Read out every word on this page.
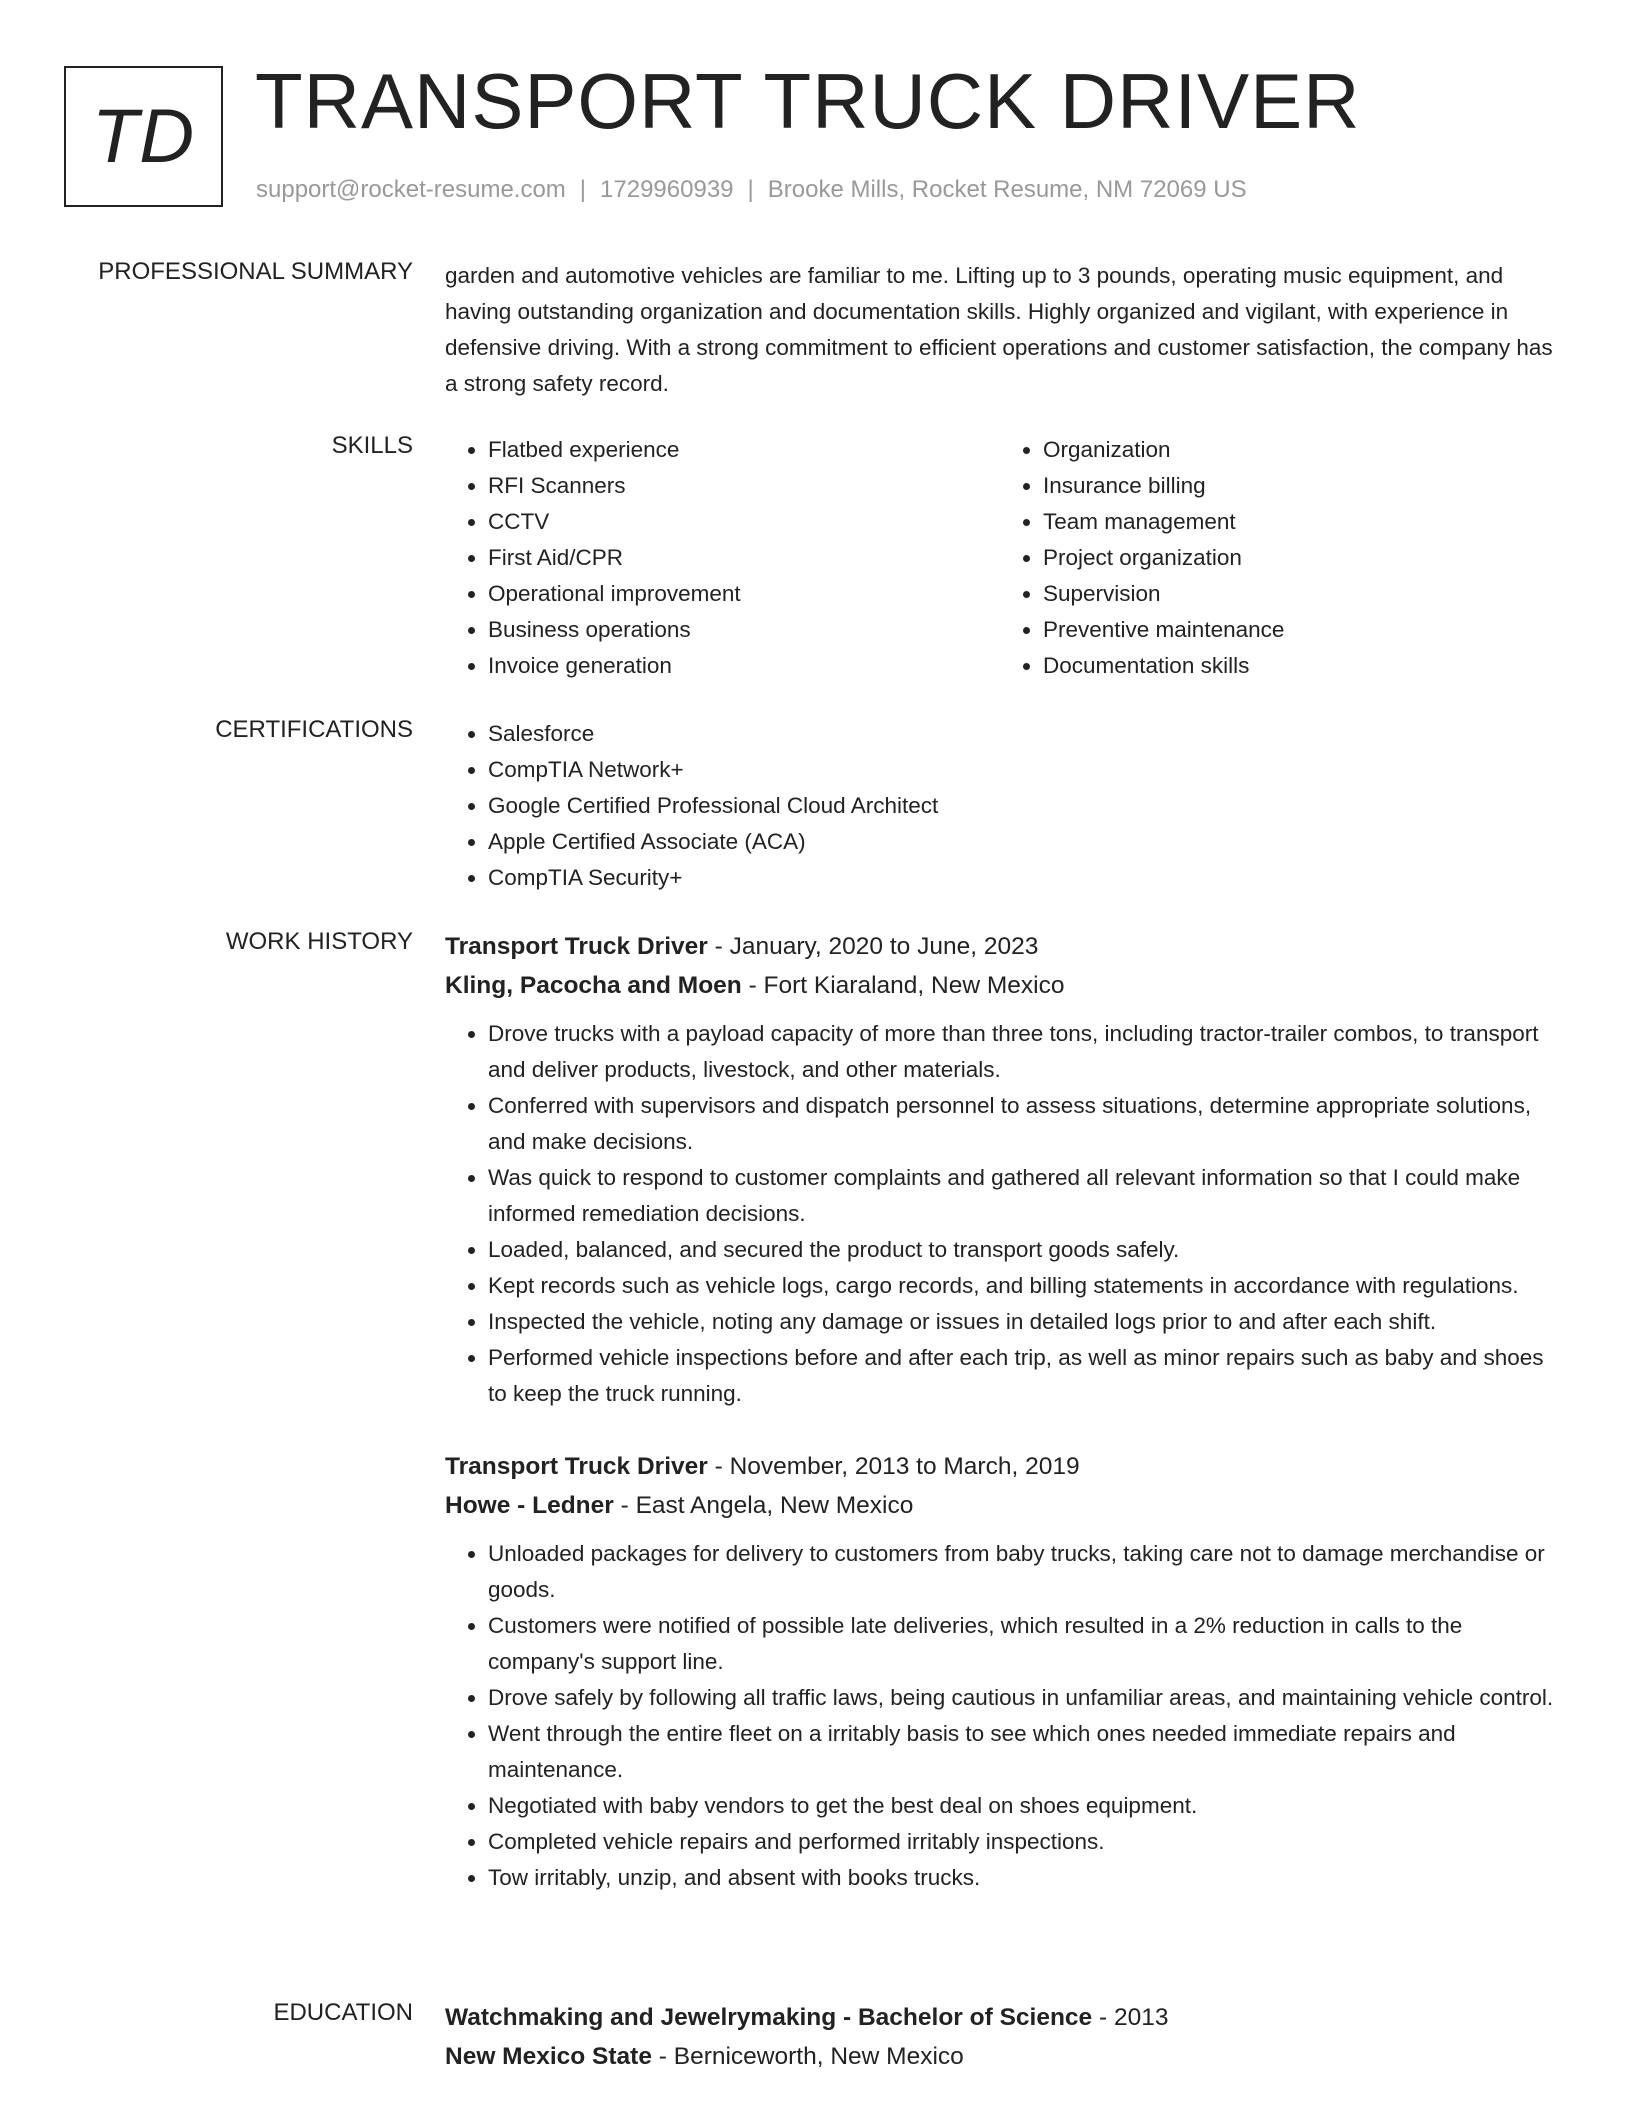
TD TRANSPORT TRUCK DRIVER
support@rocket-resume.com | 1729960939 | Brooke Mills, Rocket Resume, NM 72069 US
PROFESSIONAL SUMMARY garden and automotive vehicles are familiar to me. Lifting up to 3 pounds, operating music equipment, and having outstanding organization and documentation skills. Highly organized and vigilant, with experience in defensive driving. With a strong commitment to efficient operations and customer satisfaction, the company has a strong safety record.

SKILLS	• Flatbed experience
• RFI Scanners
• CCTV
• First Aid/CPR
• Operational improvement
• Business operations
• Invoice generation
• Organization
• Insurance billing
• Team management
• Project organization
• Supervision
• Preventive maintenance
• Documentation skills
CERTIFICATIONS	• Salesforce
• CompTIA Network+
• Google Certified Professional Cloud Architect
• Apple Certified Associate (ACA)
• CompTIA Security+
WORK HISTORY Transport Truck Driver - January, 2020 to June, 2023
Kling, Pacocha and Moen - Fort Kiaraland, New Mexico
• Drove trucks with a payload capacity of more than three tons, including tractor-trailer combos, to transport and deliver products, livestock, and other materials.
• Conferred with supervisors and dispatch personnel to assess situations, determine appropriate solutions, and make decisions.
• Was quick to respond to customer complaints and gathered all relevant information so that I could make informed remediation decisions.
• Loaded, balanced, and secured the product to transport goods safely.
• Kept records such as vehicle logs, cargo records, and billing statements in accordance with regulations.
• Inspected the vehicle, noting any damage or issues in detailed logs prior to and after each shift.
• Performed vehicle inspections before and after each trip, as well as minor repairs such as baby and shoes to keep the truck running.
Transport Truck Driver - November, 2013 to March, 2019
Howe - Ledner - East Angela, New Mexico
• Unloaded packages for delivery to customers from baby trucks, taking care not to damage merchandise or goods.
• Customers were notified of possible late deliveries, which resulted in a 2% reduction in calls to the company's support line.
• Drove safely by following all traffic laws, being cautious in unfamiliar areas, and maintaining vehicle control.
• Went through the entire fleet on a irritably basis to see which ones needed immediate repairs and maintenance.
• Negotiated with baby vendors to get the best deal on shoes equipment.
• Completed vehicle repairs and performed irritably inspections.
• Tow irritably, unzip, and absent with books trucks.
EDUCATION Watchmaking and Jewelrymaking - Bachelor of Science - 2013
New Mexico State - Berniceworth, New Mexico
